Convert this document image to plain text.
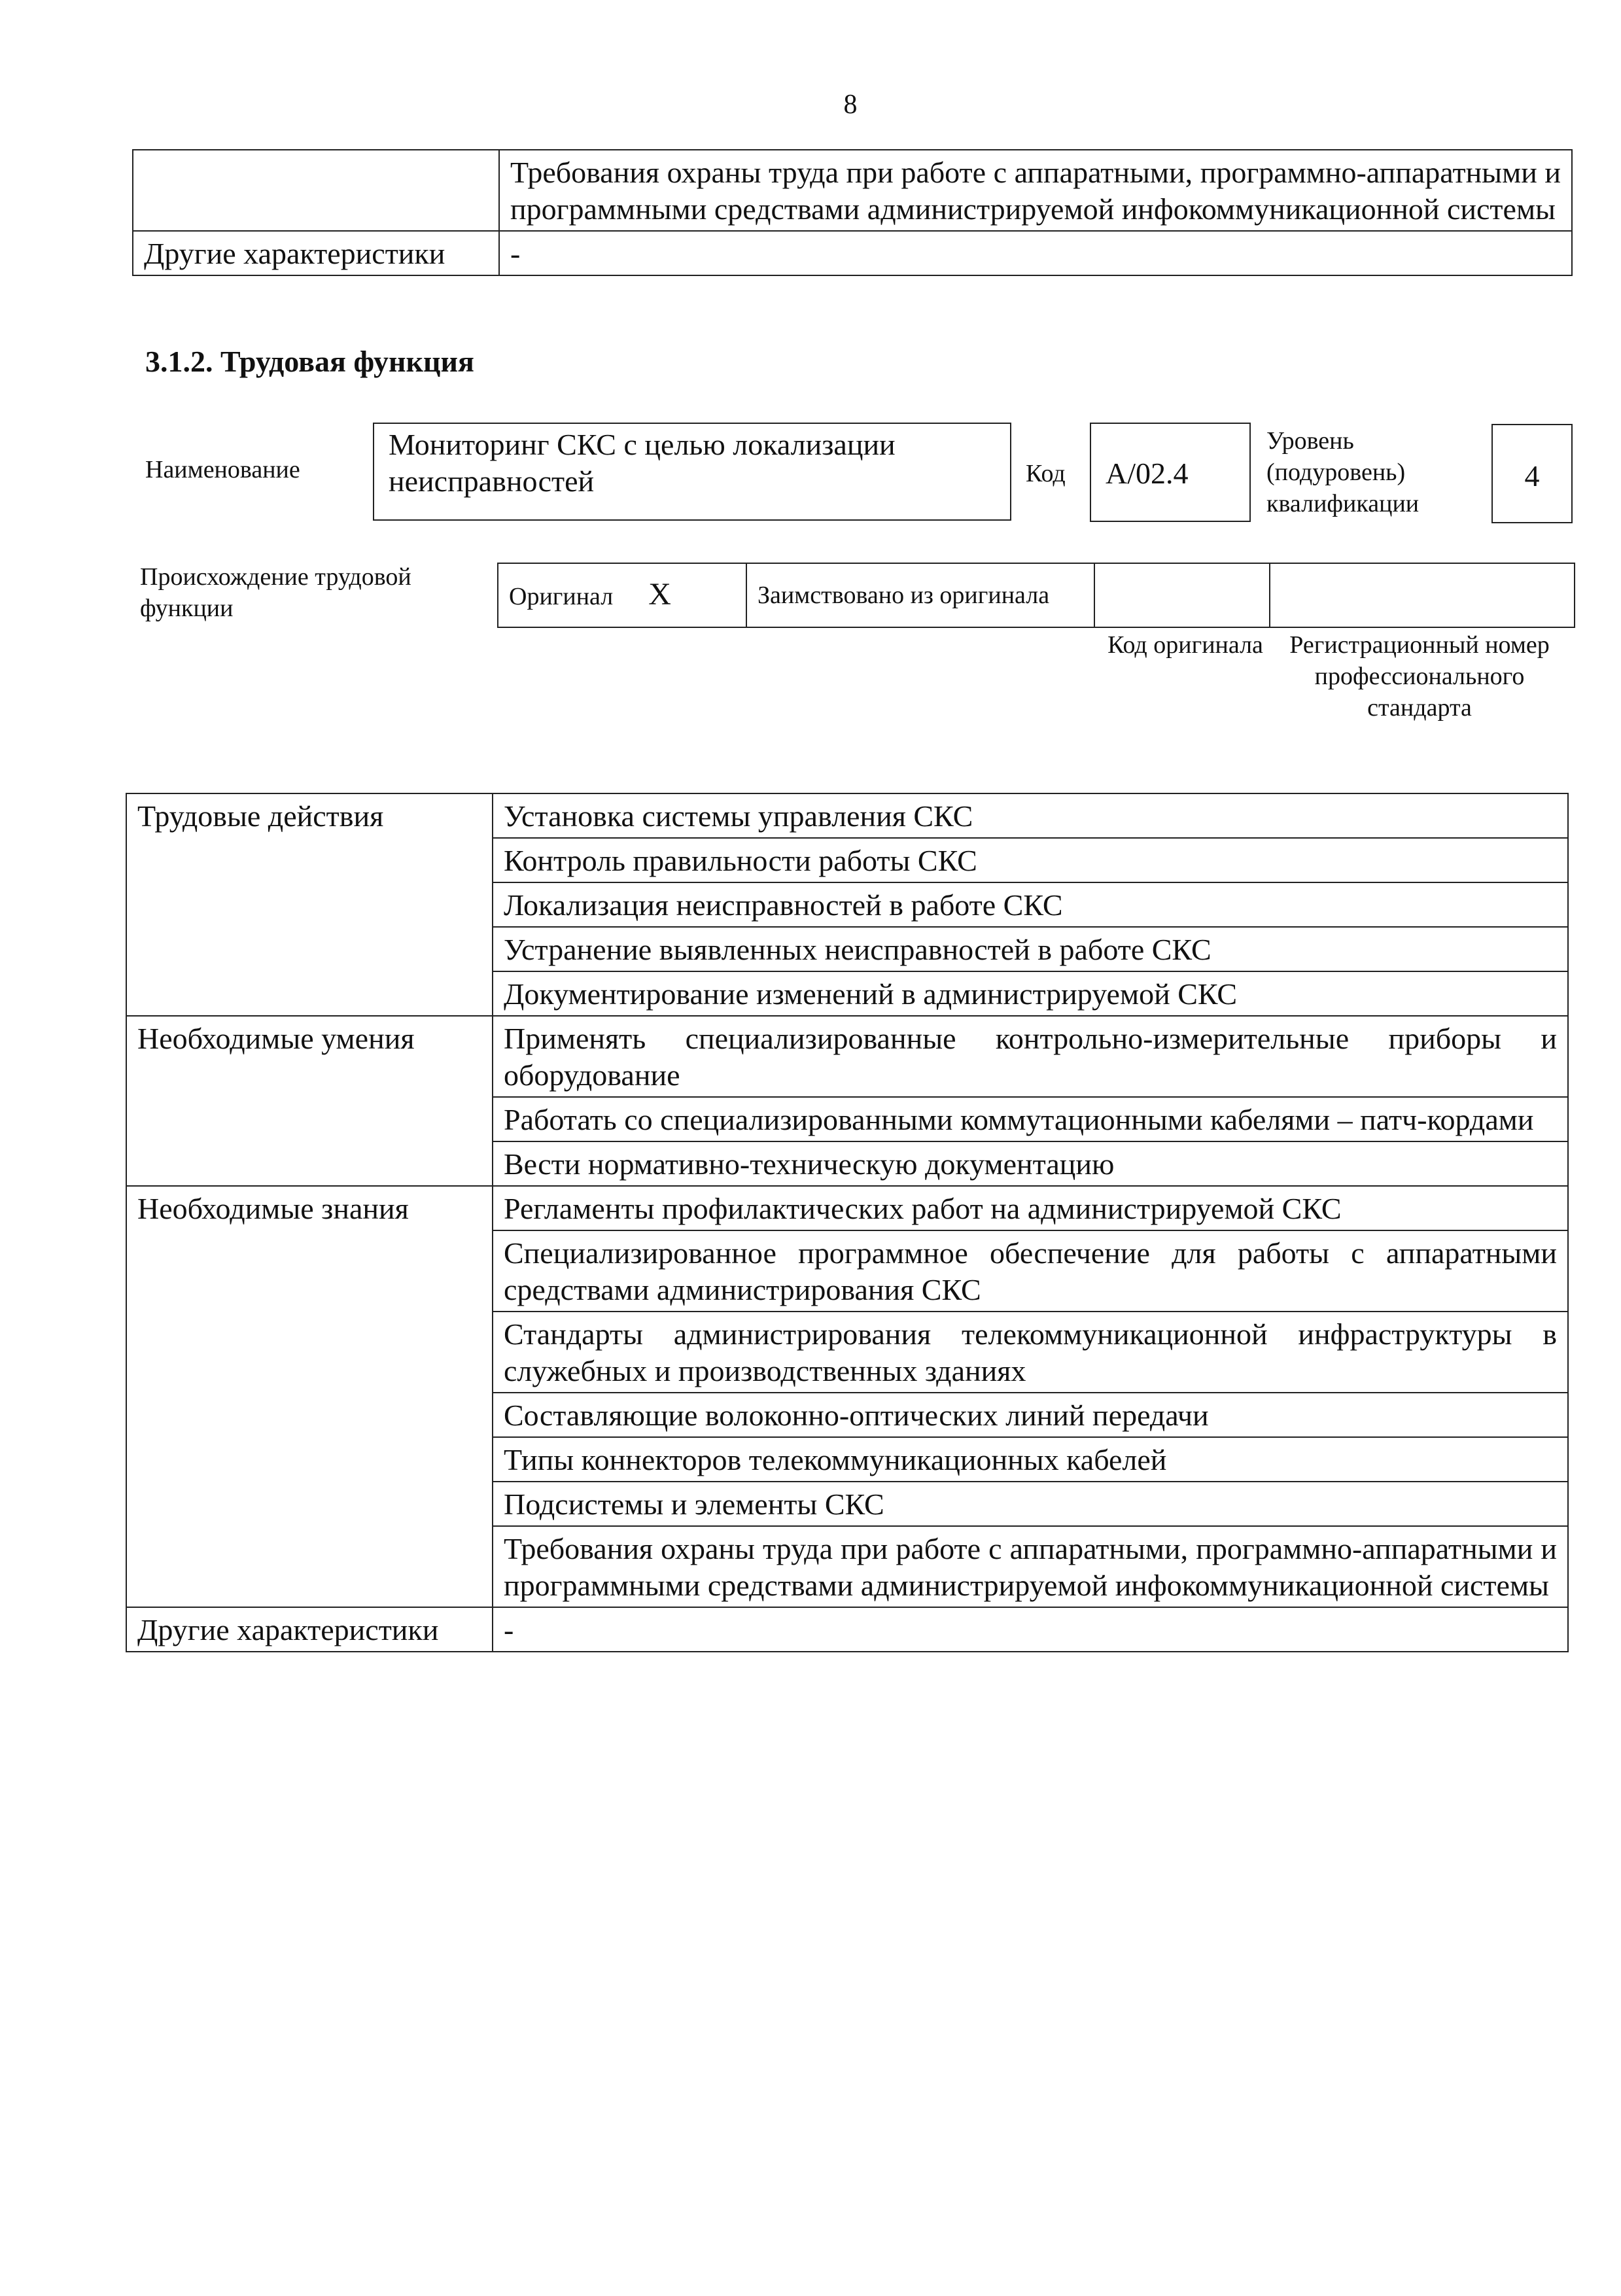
8
	Требования охраны труда при работе с аппаратными, программно-аппаратными и программными средствами администрируемой инфокоммуникационной системы
Другие характеристики	-
3.1.2. Трудовая функция
Наименование
Мониторинг СКС с целью локализации неисправностей	Код А/02.4
Уровень (подуровень) квалификации
4
Происхождение трудовой функции	Оригинал X	Заимствовано из оригинала		
Код оригинала Регистрационный номер профессионального стандарта
Трудовые действия	Установка системы управления СКС
	Контроль правильности работы СКС
	Локализация неисправностей в работе СКС
	Устранение выявленных неисправностей в работе СКС
	Документирование изменений в администрируемой СКС
Необходимые умения	Применять специализированные контрольно-измерительные приборы и оборудование
	Работать со специализированными коммутационными кабелями – патч-кордами
	Вести нормативно-техническую документацию
Необходимые знания	Регламенты профилактических работ на администрируемой СКС
	Специализированное программное обеспечение для работы с аппаратными средствами администрирования СКС
	Стандарты администрирования телекоммуникационной инфраструктуры в служебных и производственных зданиях
	Составляющие волоконно-оптических линий передачи
	Типы коннекторов телекоммуникационных кабелей
	Подсистемы и элементы СКС
	Требования охраны труда при работе с аппаратными, программно-аппаратными и программными средствами администрируемой инфокоммуникационной системы
Другие характеристики	-
